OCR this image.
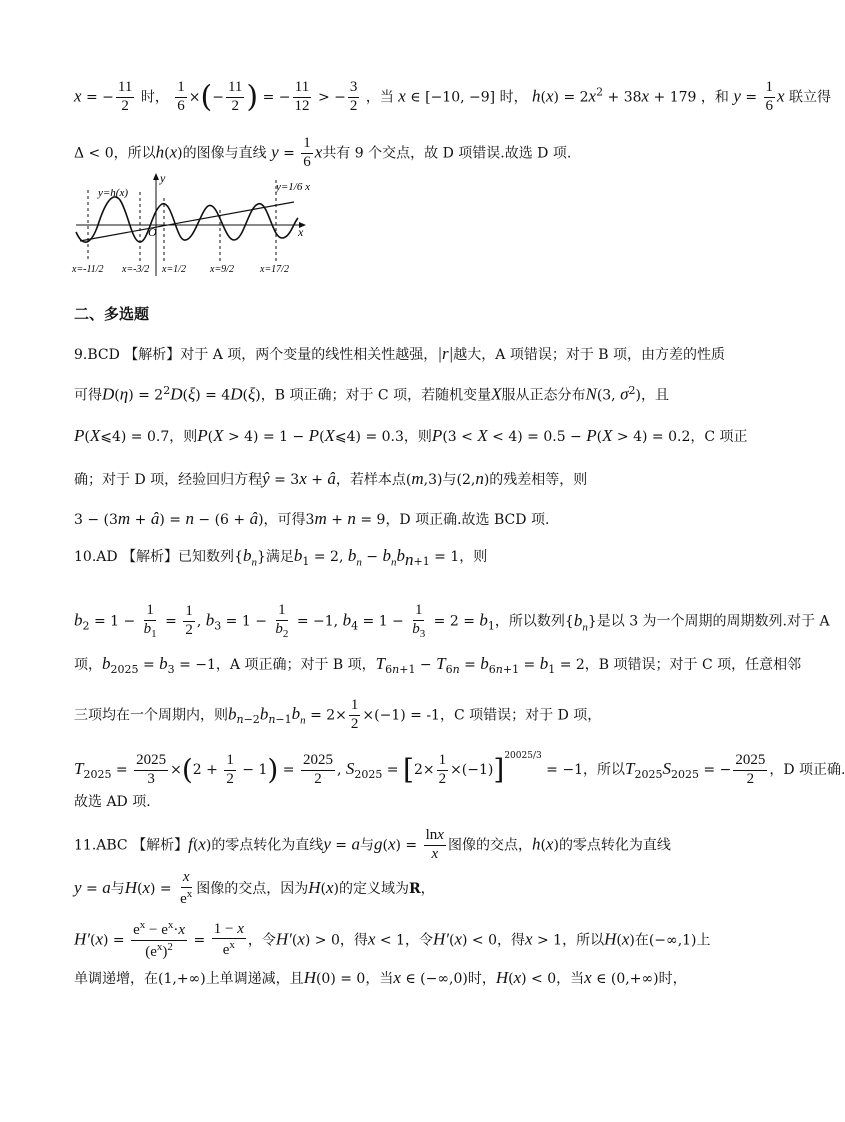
x = − $\frac{11}{2}$ 时， $\frac{1}{6}$ ×(− $\frac{11}{2}$ ) = − $\frac{11}{12}$ > − $\frac{3}{2}$ ，当 x ∈ [−10, −9] 时， $h(x) = 2x^2 + 38x + 179$ ，和 $y = \frac{1}{6}$ x 联立得
Δ < 0，所以h(x)的图像与直线 $y = \frac{1}{6}$ x共有 9 个交点，故 D 项错误.故选 D 项.
y=h(x)	y=1/6 x
O	x
y
x=-11/2 x=-3/2 x=1/2 x=9/2	x=17/2
二、多选题
9.BCD 【解析】对于 A 项，两个变量的线性相关性越强，|r|越大，A 项错误；对于 B 项，由方差的性质
可得$D(\eta) = 2^2D(\xi) = 4D(\xi)$，B 项正确；对于 C 项，若随机变量X服从正态分布N(3, $\sigma^2$)，且
P(X⩽4) = 0.7，则P(X > 4) = 1 − P(X⩽4) = 0.3，则P(3 < X < 4) = 0.5 − P(X > 4) = 0.2，C 项正
确；对于 D 项，经验回归方程ŷ = 3x + â，若样本点(m,3)与(2,n)的残差相等，则
3 − (3m + â) = n − (6 + â)，可得3m + n = 9，D 项正确.故选 BCD 项.
10.AD 【解析】已知数列$\{b_n\}$满足$b_1 = 2$, $b_n - b_nb_{n+1} = 1$，则
$b_2 = 1 - \frac{1}{b_1} = \frac{1}{2}$ , $b_3 = 1 - \frac{1}{b_2} = -1$, $b_4 = 1 - \frac{1}{b_3} = 2 = b_1$，所以数列$\{b_n\}$是以 3 为一个周期的周期数列.对于 A
项，$b_{2025} = b_3 = -1$，A 项正确；对于 B 项，$T_{6n+1} - T_{6n} = b_{6n+1} = b_1 = 2$，B 项错误；对于 C 项，任意相邻
三项均在一个周期内，则$b_{n-2}b_{n-1}b_n = 2\times \frac{1}{2} \times(-1) = -1$，C 项错误；对于 D 项，
$T_{2025} = \frac{2025}{3} \times(2 + \frac{1}{2} - 1) = \frac{2025}{2}$ , $S_{2025} = [2\times \frac{1}{2} \times(-1)]^{20025/3} = -1$，所以$T_{2025}S_{2025}$ = − $\frac{2025}{2}$ ，D 项正确.
故选 AD 项.
11.ABC 【解析】f(x)的零点转化为直线y = a与$g(x) = \frac{\ln x}{x}$ 图像的交点，h(x)的零点转化为直线
y = a与$H(x) = \frac{x}{e^x}$ 图像的交点，因为H(x)的定义域为R，
$H'(x) = \frac{e^x - e^x\cdot x}{(e^x)^2} = \frac{1 - x}{e^x}$ ，令H′(x) > 0，得x < 1，令H′(x) < 0，得x > 1，所以H(x)在(−∞,1)上
单调递增，在(1,+∞)上单调递减，且H(0) = 0，当x ∈ (−∞,0)时，H(x) < 0，当x ∈ (0,+∞)时，
